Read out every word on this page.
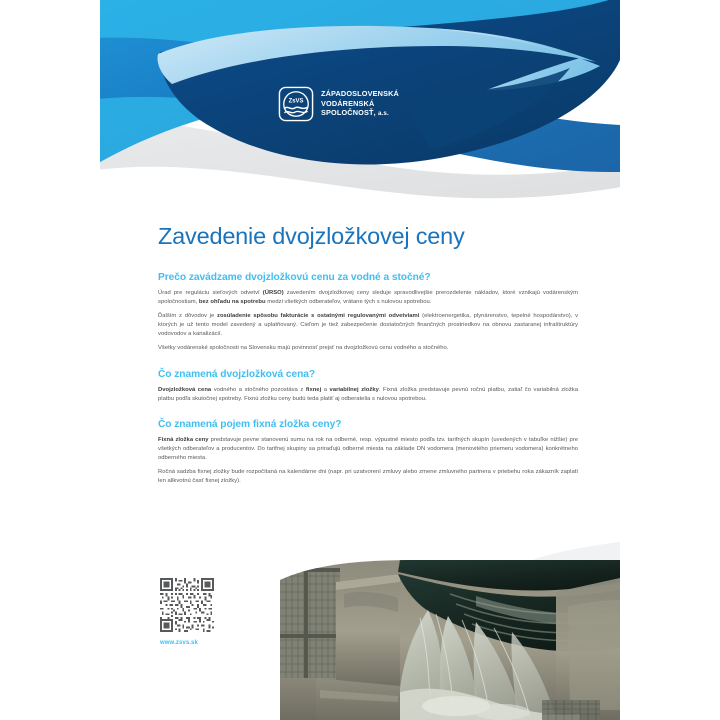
ZsVS
ZÁPADOSLOVENSKÁ
VODÁRENSKÁ
SPOLOČNOSŤ, a.s.
Zavedenie dvojzložkovej ceny
Prečo zavádzame dvojzložkovú cenu za vodné a stočné?

Úrad pre reguláciu sieťových odvetví (ÚRSO) zavedením dvojzložkovej ceny sleduje spravodlivejšie prerozdelenie nákladov, ktoré vznikajú vodárenským spoločnostiam, bez ohľadu na spotrebu medzi všetkých odberateľov, vrátane tých s nulovou spotrebou.

Ďalším z dôvodov je zosúladenie spôsobu fakturácie s ostatnými regulovanými odvetviami (elektroenergetika, plynárenstvo, tepelné hospodárstvo), v ktorých je už tento model zavedený a uplatňovaný. Cieľom je tiež zabezpečenie dostatočných finančných prostriedkov na obnovu zastaranej infraštruktúry vodovodov a kanalizácií.

Všetky vodárenské spoločnosti na Slovensku majú povinnosť prejsť na dvojzložkovú cenu vodného a stočného.

Čo znamená dvojzložková cena?

Dvojzložková cena vodného a stočného pozostáva z fixnej a variabilnej zložky. Fixná zložka predstavuje pevnú ročnú platbu, zatiaľ čo variabilná zložka platbu podľa skutočnej spotreby. Fixnú zložku ceny budú teda platiť aj odberatelia s nulovou spotrebou.

Čo znamená pojem fixná zložka ceny?

Fixná zložka ceny predstavuje pevne stanovenú sumu na rok na odberné, resp. výpustné miesto podľa tzv. tarifných skupín (uvedených v tabuľke nižšie) pre všetkých odberateľov a producentov. Do tarifnej skupiny sa priraďujú odberné miesta na základe DN vodomera (menovitého priemeru vodomera) konkrétneho odberného miesta.

Ročná sadzba fixnej zložky bude rozpočítaná na kalendárne dni (napr. pri uzatvorení zmluvy alebo zmene zmluvného partnera v priebehu roka zákazník zaplatí len alikvotnú časť fixnej zložky).

www.zsvs.sk
